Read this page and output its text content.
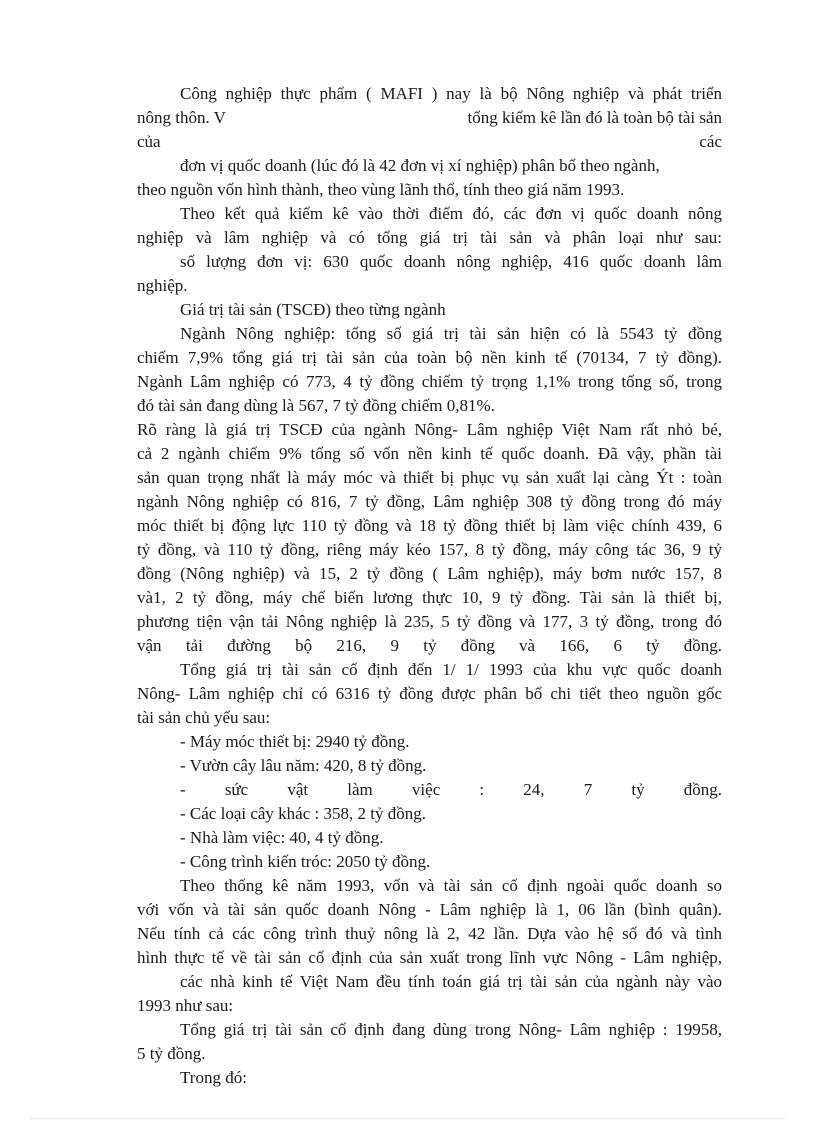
Công nghiệp thực phẩm ( MAFI ) nay là bộ Nông nghiệp và phát triển
nông thôn. V	tổng kiểm kê lần đó là toàn bộ tài sản
của	các
đơn vị quốc doanh (lúc đó là 42 đơn vị xí nghiệp) phân bổ theo ngành,
theo nguồn vốn hình thành, theo vùng lãnh thổ, tính theo giá năm 1993.
Theo kết quả kiểm kê vào thời điểm đó, các đơn vị quốc doanh nông
nghiệp và lâm nghiệp và có tổng giá trị tài sản và phân loại như sau:
số lượng đơn vị: 630 quốc doanh nông nghiệp, 416 quốc doanh lâm
nghiệp.
Giá trị tài sản (TSCĐ) theo từng ngành
Ngành Nông nghiệp: tổng số giá trị tài sản hiện có là 5543 tỷ đồng
chiếm 7,9% tổng giá trị tài sản của toàn bộ nền kinh tế (70134, 7 tỷ đồng).
Ngành Lâm nghiệp có 773, 4 tỷ đồng chiếm tỷ trọng 1,1% trong tổng số, trong
đó tài sản đang dùng là 567, 7 tỷ đồng chiếm 0,81%.
Rõ ràng là giá trị TSCĐ của ngành Nông- Lâm nghiệp Việt Nam rất nhỏ bé,
cả 2 ngành chiếm 9% tổng số vốn nền kinh tế quốc doanh. Đã vậy, phần tài
sản quan trọng nhất là máy móc và thiết bị phục vụ sản xuất lại càng Ýt : toàn
ngành Nông nghiệp có 816, 7 tỷ đồng, Lâm nghiệp 308 tỷ đồng trong đó máy
móc thiết bị động lực 110 tỷ đồng và 18 tỷ đồng thiết bị làm việc chính 439, 6
tỷ đồng, và 110 tỷ đồng, riêng máy kéo 157, 8 tỷ đồng, máy công tác 36, 9 tỷ
đồng (Nông nghiệp) và 15, 2 tỷ đồng ( Lâm nghiệp), máy bơm nước 157, 8
và1, 2 tỷ đồng, máy chế biến lương thực 10, 9 tỷ đồng. Tài sản là thiết bị,
phương tiện vận tải Nông nghiệp là 235, 5 tỷ đồng và 177, 3 tỷ đồng, trong đó
vận tải đường bộ 216, 9 tỷ đồng và 166, 6 tỷ đồng.
Tổng giá trị tài sản cố định đến 1/ 1/ 1993 của khu vực quốc doanh
Nông- Lâm nghiệp chỉ có 6316 tỷ đồng được phân bổ chi tiết theo nguồn gốc
tài sản chủ yếu sau:
- Máy móc thiết bị: 2940 tỷ đồng.
- Vườn cây lâu năm: 420, 8 tỷ đồng.
- sức vật làm việc : 24, 7 tỷ đồng.
- Các loại cây khác : 358, 2 tỷ đồng.
- Nhà làm việc: 40, 4 tỷ đồng.
- Công trình kiến tróc: 2050 tỷ đồng.
Theo thống kê năm 1993, vốn và tài sản cố định ngoài quốc doanh so
với vốn và tài sản quốc doanh Nông - Lâm nghiệp là 1, 06 lần (bình quân).
Nếu tính cả các công trình thuỷ nông là 2, 42 lần. Dựa vào hệ số đó và tình
hình thực tế về tài sản cố định của sản xuất trong lĩnh vực Nông - Lâm nghiệp,
các nhà kinh tế Việt Nam đều tính toán giá trị tài sản của ngành này vào
1993 như sau:
Tổng giá trị tài sản cố định đang dùng trong Nông- Lâm nghiệp : 19958,
5 tỷ đồng.
Trong đó:
